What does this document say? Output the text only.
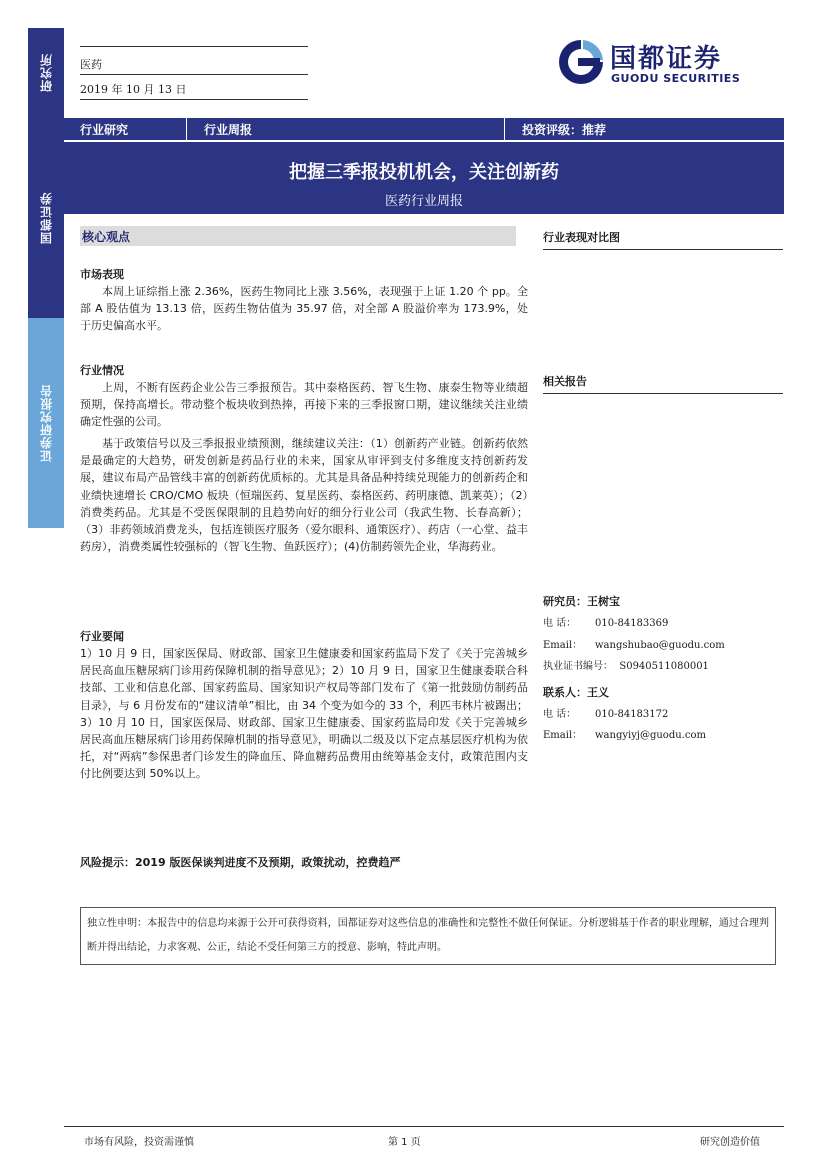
研究所
国都证券
证券研究报告
医药
2019 年 10 月 13 日
国都证券
GUODU SECURITIES
行业研究	行业周报	投资评级：推荐
把握三季报投机机会，关注创新药
医药行业周报
核心观点
市场表现
本周上证综指上涨 2.36%，医药生物同比上涨 3.56%，表现强于上证 1.20 个 pp。全部 A 股估值为 13.13 倍，医药生物估值为 35.97 倍，对全部 A 股溢价率为 173.9%，处于历史偏高水平。
行业情况
上周，不断有医药企业公告三季报预告。其中泰格医药、智飞生物、康泰生物等业绩超预期，保持高增长。带动整个板块收到热捧，再接下来的三季报窗口期，建议继续关注业绩确定性强的公司。
基于政策信号以及三季报报业绩预测，继续建议关注：（1）创新药产业链。创新药依然是最确定的大趋势，研发创新是药品行业的未来，国家从审评到支付多维度支持创新药发展，建议布局产品管线丰富的创新药优质标的。尤其是具备品种持续兑现能力的创新药企和业绩快速增长 CRO/CMO 板块（恒瑞医药、复星医药、泰格医药、药明康德、凯莱英）；（2）消费类药品。尤其是不受医保限制的且趋势向好的细分行业公司（我武生物、长春高新）；（3）非药领域消费龙头，包括连锁医疗服务（爱尔眼科、通策医疗）、药店（一心堂、益丰药房），消费类属性较强标的（智飞生物、鱼跃医疗）；(4)仿制药领先企业，华海药业。
行业要闻
1）10 月 9 日，国家医保局、财政部、国家卫生健康委和国家药监局下发了《关于完善城乡居民高血压糖尿病门诊用药保障机制的指导意见》；2）10 月 9 日，国家卫生健康委联合科技部、工业和信息化部、国家药监局、国家知识产权局等部门发布了《第一批鼓励仿制药品目录》，与 6 月份发布的“建议清单”相比，由 34 个变为如今的 33 个，利匹韦林片被踢出；3）10 月 10 日，国家医保局、财政部、国家卫生健康委、国家药监局印发《关于完善城乡居民高血压糖尿病门诊用药保障机制的指导意见》，明确以二级及以下定点基层医疗机构为依托，对“两病”参保患者门诊发生的降血压、降血糖药品费用由统筹基金支付，政策范围内支付比例要达到 50%以上。
风险提示：2019 版医保谈判进度不及预期，政策扰动，控费趋严
行业表现对比图
相关报告
研究员：王树宝
电 话： 010-84183369
Email： wangshubao@guodu.com
执业证书编号： S0940511080001
联系人：王义
电 话： 010-84183172
Email： wangyiyj@guodu.com
独立性申明：本报告中的信息均来源于公开可获得资料，国都证券对这些信息的准确性和完整性不做任何保证。分析逻辑基于作者的职业理解，通过合理判断并得出结论，力求客观、公正，结论不受任何第三方的授意、影响，特此声明。
市场有风险，投资需谨慎	第 1 页	研究创造价值
